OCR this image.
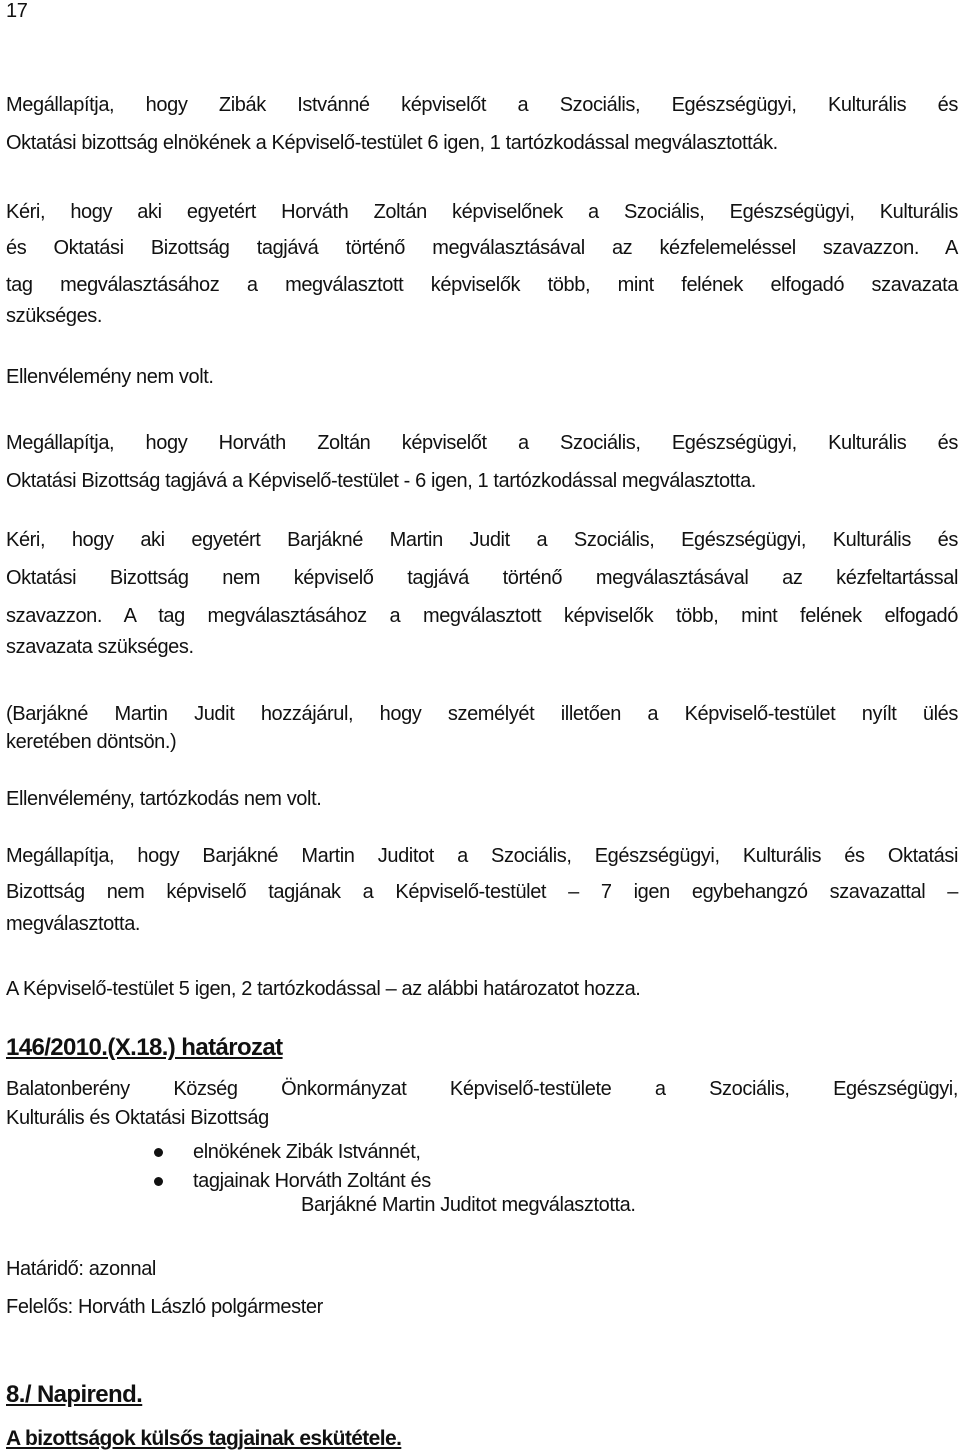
17
Megállapítja, hogy Zibák Istvánné képviselőt a Szociális, Egészségügyi, Kulturális és
Oktatási bizottság elnökének a Képviselő-testület 6 igen, 1 tartózkodással megválasztották.
Kéri, hogy aki egyetért Horváth Zoltán képviselőnek a Szociális, Egészségügyi, Kulturális
és Oktatási Bizottság tagjává történő megválasztásával az kézfelemeléssel szavazzon. A
tag megválasztásához a megválasztott képviselők több, mint felének elfogadó szavazata
szükséges.
Ellenvélemény nem volt.
Megállapítja, hogy Horváth Zoltán képviselőt a Szociális, Egészségügyi, Kulturális és
Oktatási Bizottság tagjává a Képviselő-testület - 6 igen, 1 tartózkodással megválasztotta.
Kéri, hogy aki egyetért Barjákné Martin Judit a Szociális, Egészségügyi, Kulturális és
Oktatási Bizottság nem képviselő tagjává történő megválasztásával az kézfeltartással
szavazzon. A tag megválasztásához a megválasztott képviselők több, mint felének elfogadó
szavazata szükséges.
(Barjákné Martin Judit hozzájárul, hogy személyét illetően a Képviselő-testület nyílt ülés
keretében döntsön.)
Ellenvélemény, tartózkodás nem volt.
Megállapítja, hogy Barjákné Martin Juditot a Szociális, Egészségügyi, Kulturális és Oktatási
Bizottság nem képviselő tagjának a Képviselő-testület – 7 igen egybehangzó szavazattal –
megválasztotta.
A Képviselő-testület 5 igen, 2 tartózkodással – az alábbi határozatot hozza.
146/2010.(X.18.) határozat
Balatonberény Község Önkormányzat Képviselő-testülete a Szociális, Egészségügyi,
Kulturális és Oktatási Bizottság
elnökének Zibák Istvánnét,
tagjainak Horváth Zoltánt és
Barjákné Martin Juditot megválasztotta.
Határidő: azonnal
Felelős: Horváth László polgármester
8./ Napirend.
A bizottságok külsős tagjainak eskütétele.
